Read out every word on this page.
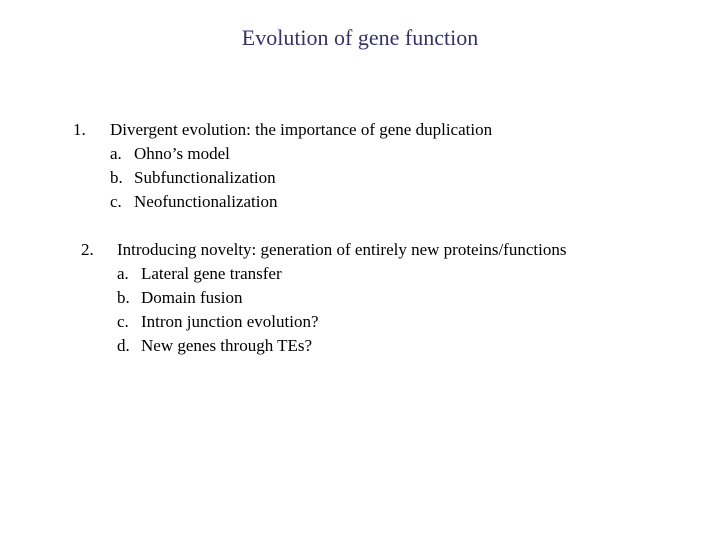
Evolution of gene function
1. Divergent evolution: the importance of gene duplication
a. Ohno’s model
b. Subfunctionalization
c. Neofunctionalization
2. Introducing novelty: generation of entirely new proteins/functions
a. Lateral gene transfer
b. Domain fusion
c. Intron junction evolution?
d. New genes through TEs?
